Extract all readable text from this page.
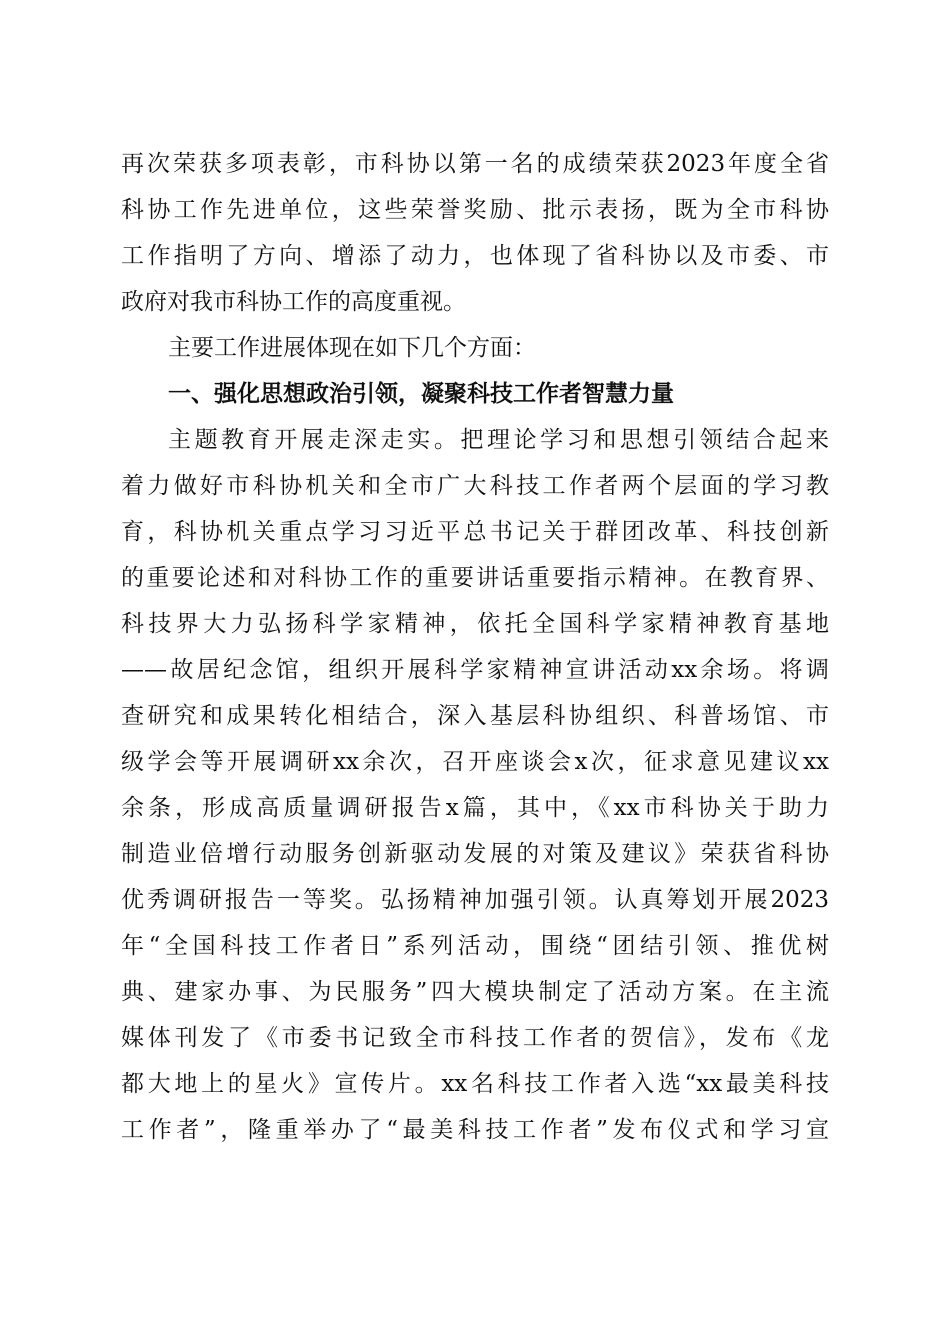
再次荣获多项表彰，市科协以第一名的成绩荣获2023年度全省

科协工作先进单位，这些荣誉奖励、批示表扬，既为全市科协

工作指明了方向、增添了动力，也体现了省科协以及市委、市

政府对我市科协工作的高度重视。

主要工作进展体现在如下几个方面：

一、强化思想政治引领，凝聚科技工作者智慧力量

主题教育开展走深走实。把理论学习和思想引领结合起来

着力做好市科协机关和全市广大科技工作者两个层面的学习教

育，科协机关重点学习习近平总书记关于群团改革、科技创新

的重要论述和对科协工作的重要讲话重要指示精神。在教育界、

科技界大力弘扬科学家精神，依托全国科学家精神教育基地

——故居纪念馆，组织开展科学家精神宣讲活动xx余场。将调

查研究和成果转化相结合，深入基层科协组织、科普场馆、市

级学会等开展调研xx余次，召开座谈会x次，征求意见建议xx

余条，形成高质量调研报告x篇，其中，《xx市科协关于助力

制造业倍增行动服务创新驱动发展的对策及建议》荣获省科协

优秀调研报告一等奖。弘扬精神加强引领。认真筹划开展2023

年“全国科技工作者日”系列活动，围绕“团结引领、推优树

典、建家办事、为民服务”四大模块制定了活动方案。在主流

媒体刊发了《市委书记致全市科技工作者的贺信》，发布《龙

都大地上的星火》宣传片。xx名科技工作者入选“xx最美科技

工作者”，隆重举办了“最美科技工作者”发布仪式和学习宣
